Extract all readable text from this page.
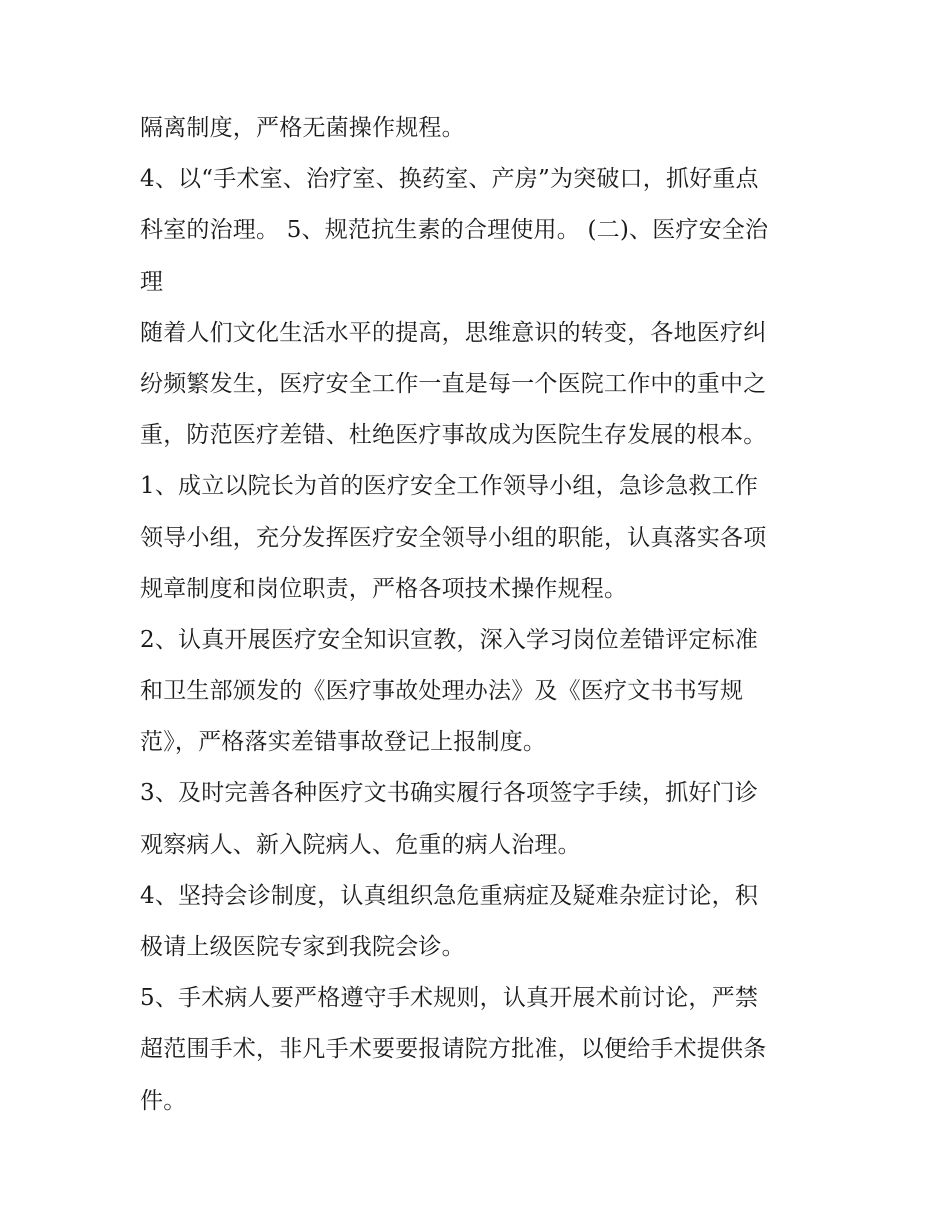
隔离制度，严格无菌操作规程。
4、以“手术室、治疗室、换药室、产房”为突破口，抓好重点
科室的治理。 5、规范抗生素的合理使用。 (二)、医疗安全治
理
随着人们文化生活水平的提高，思维意识的转变，各地医疗纠
纷频繁发生，医疗安全工作一直是每一个医院工作中的重中之
重，防范医疗差错、杜绝医疗事故成为医院生存发展的根本。
1、成立以院长为首的医疗安全工作领导小组，急诊急救工作
领导小组，充分发挥医疗安全领导小组的职能，认真落实各项
规章制度和岗位职责，严格各项技术操作规程。
2、认真开展医疗安全知识宣教，深入学习岗位差错评定标准
和卫生部颁发的《医疗事故处理办法》及《医疗文书书写规
范》，严格落实差错事故登记上报制度。
3、及时完善各种医疗文书确实履行各项签字手续，抓好门诊
观察病人、新入院病人、危重的病人治理。
4、坚持会诊制度，认真组织急危重病症及疑难杂症讨论，积
极请上级医院专家到我院会诊。
5、手术病人要严格遵守手术规则，认真开展术前讨论，严禁
超范围手术，非凡手术要要报请院方批准，以便给手术提供条
件。
